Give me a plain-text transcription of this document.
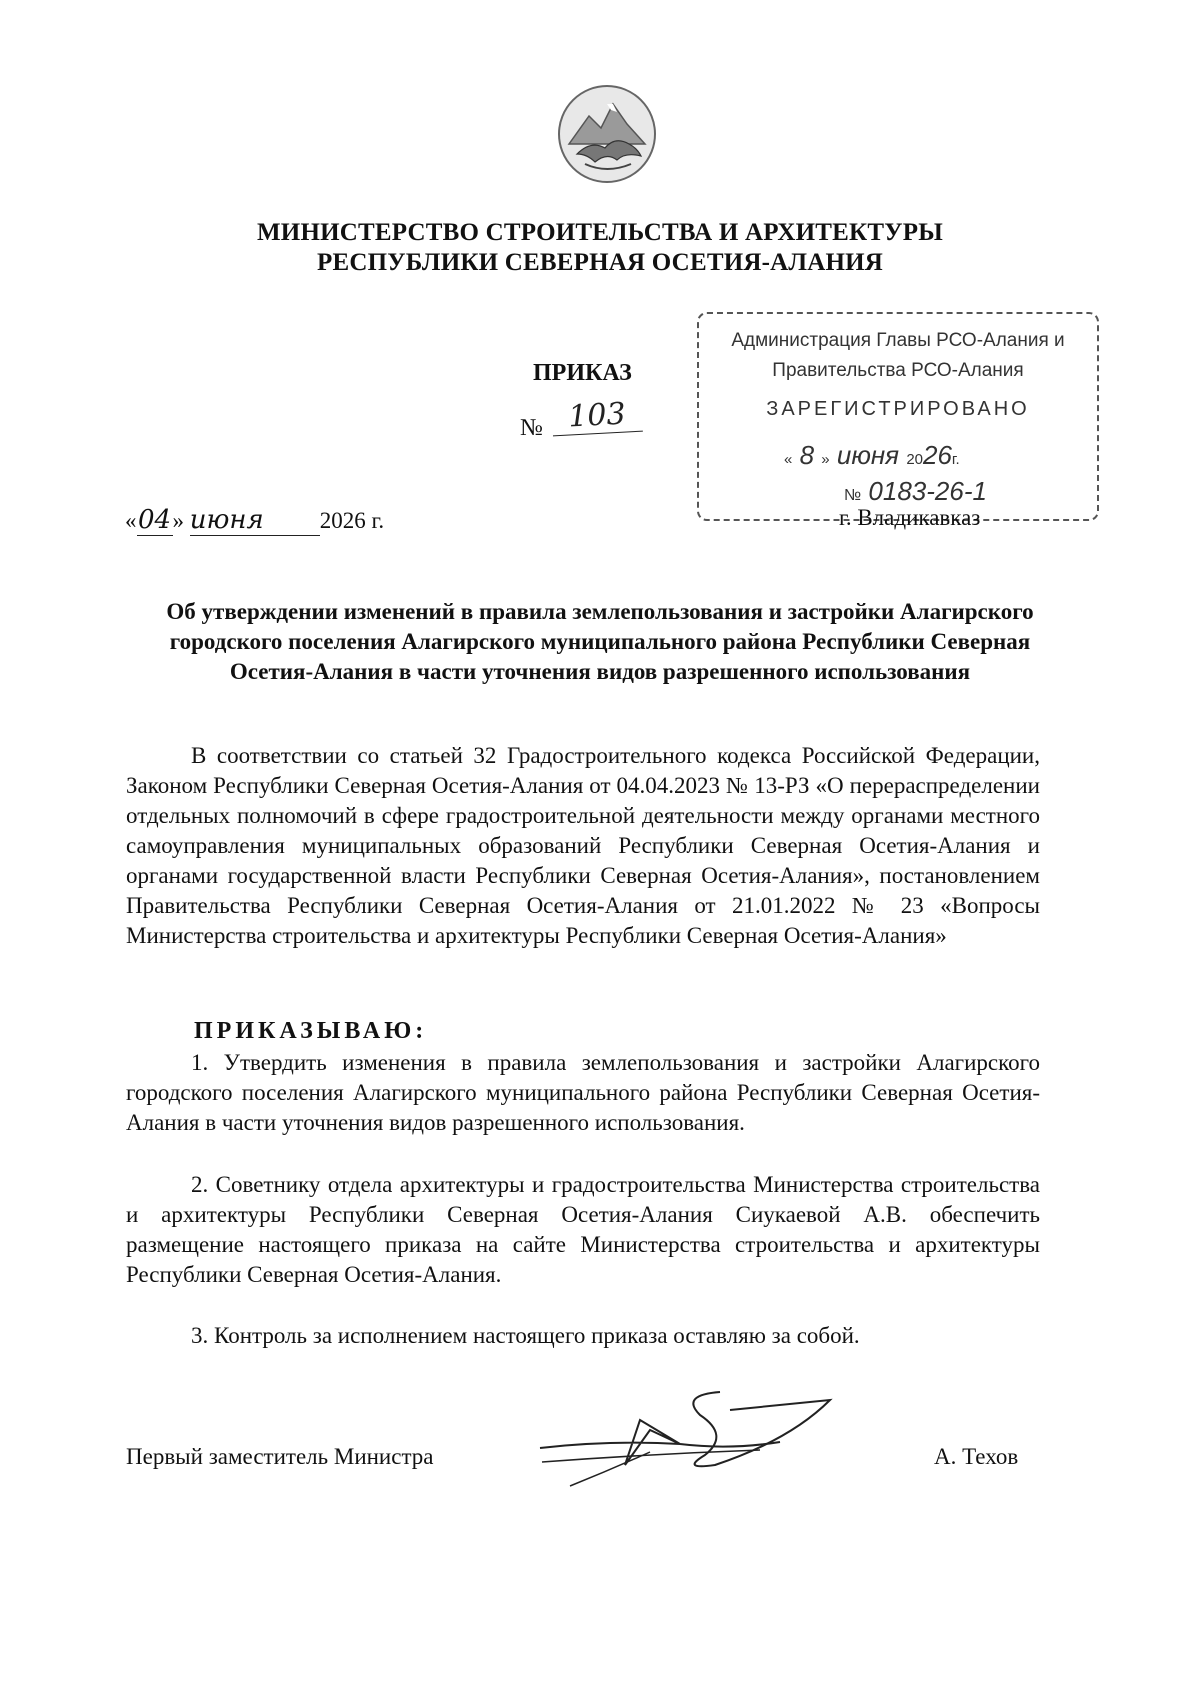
МИНИСТЕРСТВО СТРОИТЕЛЬСТВА И АРХИТЕКТУРЫ
РЕСПУБЛИКИ СЕВЕРНАЯ ОСЕТИЯ-АЛАНИЯ
ПРИКАЗ
№ 103
Администрация Главы РСО-Алания и
Правительства РСО-Алания
ЗАРЕГИСТРИРОВАНО
« 8 » июня 2026г.
№ 0183-26-1
«04» июня 2026 г.	г. Владикавказ
Об утверждении изменений в правила землепользования и застройки Алагирского городского поселения Алагирского муниципального района Республики Северная Осетия-Алания в части уточнения видов разрешенного использования
В соответствии со статьей 32 Градостроительного кодекса Российской Федерации, Законом Республики Северная Осетия-Алания от 04.04.2023 № 13-РЗ «О перераспределении отдельных полномочий в сфере градостроительной деятельности между органами местного самоуправления муниципальных образований Республики Северная Осетия-Алания и органами государственной власти Республики Северная Осетия-Алания», постановлением Правительства Республики Северная Осетия-Алания от 21.01.2022 № 23 «Вопросы Министерства строительства и архитектуры Республики Северная Осетия-Алания»
ПРИКАЗЫВАЮ:
1. Утвердить изменения в правила землепользования и застройки Алагирского городского поселения Алагирского муниципального района Республики Северная Осетия-Алания в части уточнения видов разрешенного использования.
2. Советнику отдела архитектуры и градостроительства Министерства строительства и архитектуры Республики Северная Осетия-Алания Сиукаевой А.В. обеспечить размещение настоящего приказа на сайте Министерства строительства и архитектуры Республики Северная Осетия-Алания.
3. Контроль за исполнением настоящего приказа оставляю за собой.
Первый заместитель Министра	А. Техов
